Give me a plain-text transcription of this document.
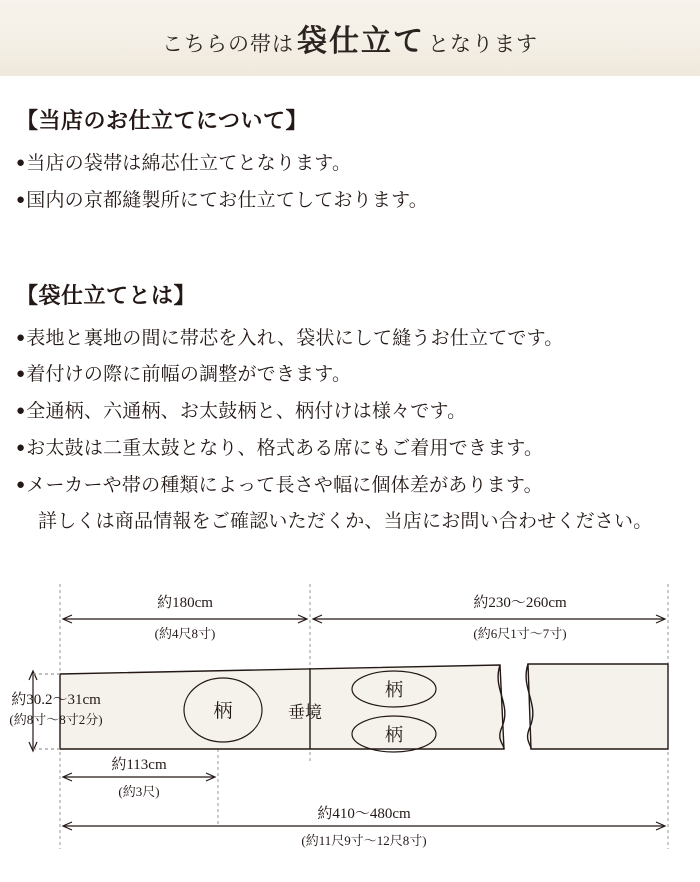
こちらの帯は 袋仕立て となります
【当店のお仕立てについて】

●当店の袋帯は綿芯仕立てとなります。

●国内の京都縫製所にてお仕立てしております。

【袋仕立てとは】

●表地と裏地の間に帯芯を入れ、袋状にして縫うお仕立てです。

●着付けの際に前幅の調整ができます。

●全通柄、六通柄、お太鼓柄と、柄付けは様々です。

●お太鼓は二重太鼓となり、格式ある席にもご着用できます。

●メーカーや帯の種類によって長さや幅に個体差があります。

詳しくは商品情報をご確認いただくか、当店にお問い合わせください。

約180cm
(約4尺8寸)
約230〜260cm
(約6尺1寸〜7寸)
垂境
柄
柄
柄
約30.2〜31cm
(約8寸〜8寸2分)
約113cm
(約3尺)
約410〜480cm
(約11尺9寸〜12尺8寸)
